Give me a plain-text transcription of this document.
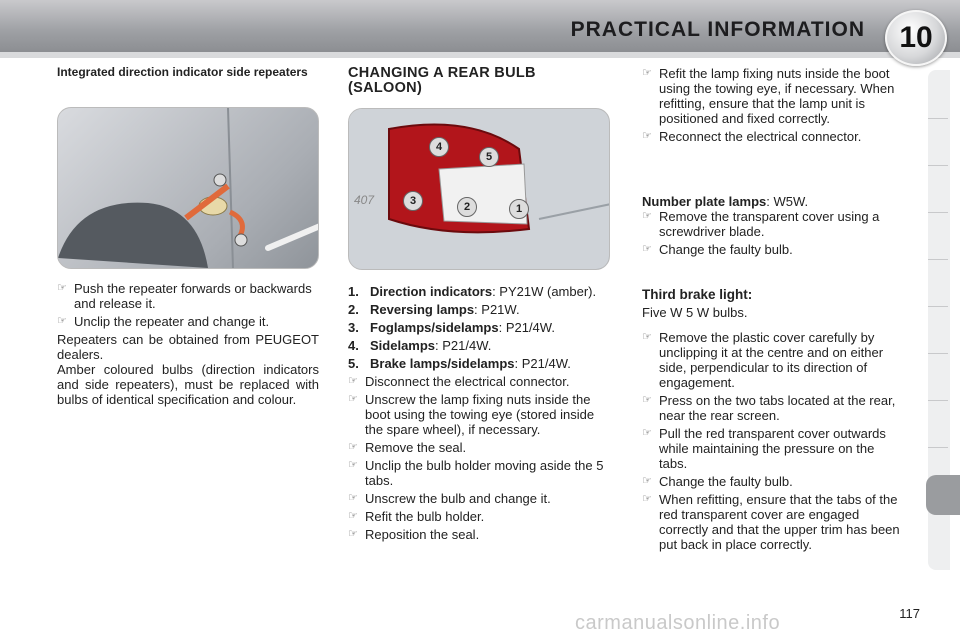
PRACTICAL INFORMATION	10
Integrated direction indicator side repeaters
☞ Push the repeater forwards or backwards and release it.
☞ Unclip the repeater and change it.

Repeaters can be obtained from PEUGEOT dealers.

Amber coloured bulbs (direction indicators and side repeaters), must be replaced with bulbs of identical specification and colour.

CHANGING A REAR BULB (SALOON)
407
4
5
3	2	1
1. Direction indicators: PY21W (amber).
2. Reversing lamps: P21W.
3. Foglamps/sidelamps: P21/4W.
4. Sidelamps: P21/4W.
5. Brake lamps/sidelamps: P21/4W.
☞ Disconnect the electrical connector.
☞ Unscrew the lamp fixing nuts inside the boot using the towing eye (stored inside the spare wheel), if necessary.
☞ Remove the seal.
☞ Unclip the bulb holder moving aside the 5 tabs.
☞ Unscrew the bulb and change it.
☞ Refit the bulb holder.
☞ Reposition the seal.
☞ Refit the lamp fixing nuts inside the boot using the towing eye, if necessary. When refitting, ensure that the lamp unit is positioned and fixed correctly.
☞ Reconnect the electrical connector.

Number plate lamps: W5W.

☞ Remove the transparent cover using a screwdriver blade.
☞ Change the faulty bulb.
Third brake light:

Five W 5 W bulbs.

☞ Remove the plastic cover carefully by unclipping it at the centre and on either side, perpendicular to its direction of engagement.
☞ Press on the two tabs located at the rear, near the rear screen.
☞ Pull the red transparent cover outwards while maintaining the pressure on the tabs.
☞ Change the faulty bulb.
☞ When refitting, ensure that the tabs of the red transparent cover are engaged correctly and that the upper trim has been put back in place correctly.
carmanualsonline.info	117
